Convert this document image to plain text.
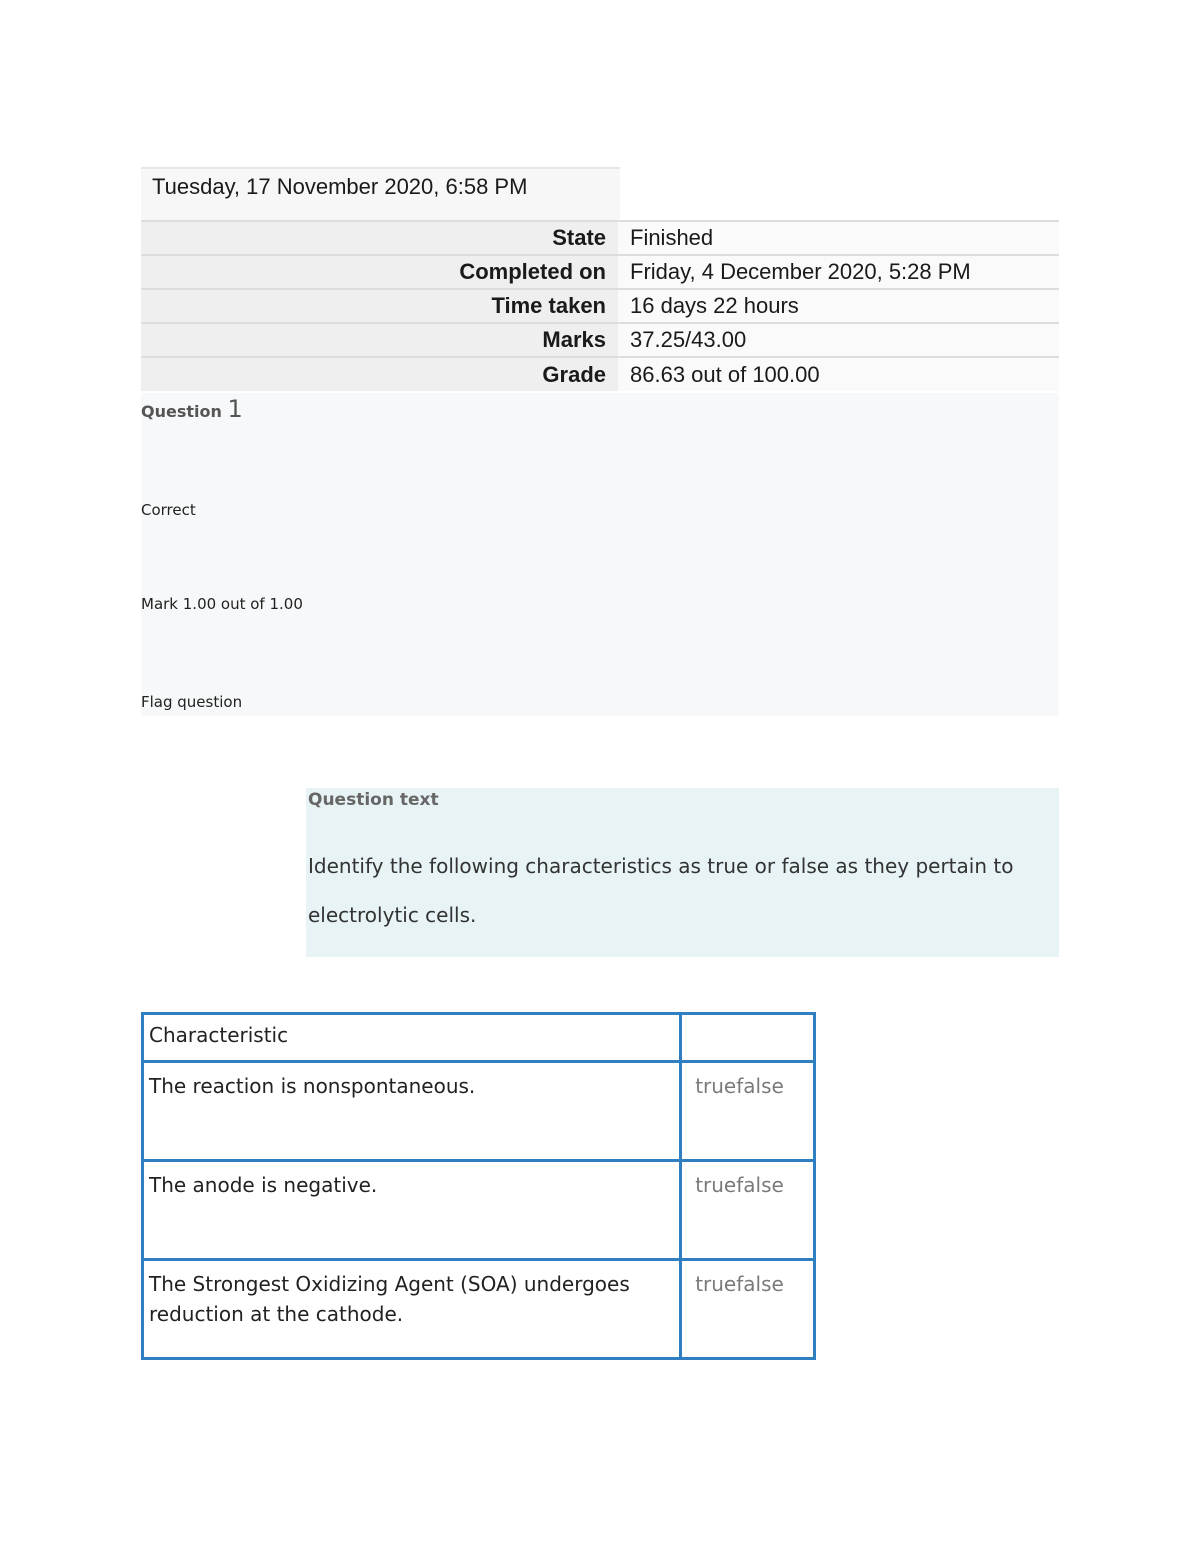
Tuesday, 17 November 2020, 6:58 PM
State	Finished
Completed on	Friday, 4 December 2020, 5:28 PM
Time taken	16 days 22 hours
Marks	37.25/43.00
Grade	86.63 out of 100.00
Question 1
Correct
Mark 1.00 out of 1.00
Flag question
Question text
Identify the following characteristics as true or false as they pertain to electrolytic cells.
Characteristic	
The reaction is nonspontaneous.	truefalse
The anode is negative.	truefalse
The Strongest Oxidizing Agent (SOA) undergoes reduction at the cathode.	truefalse
